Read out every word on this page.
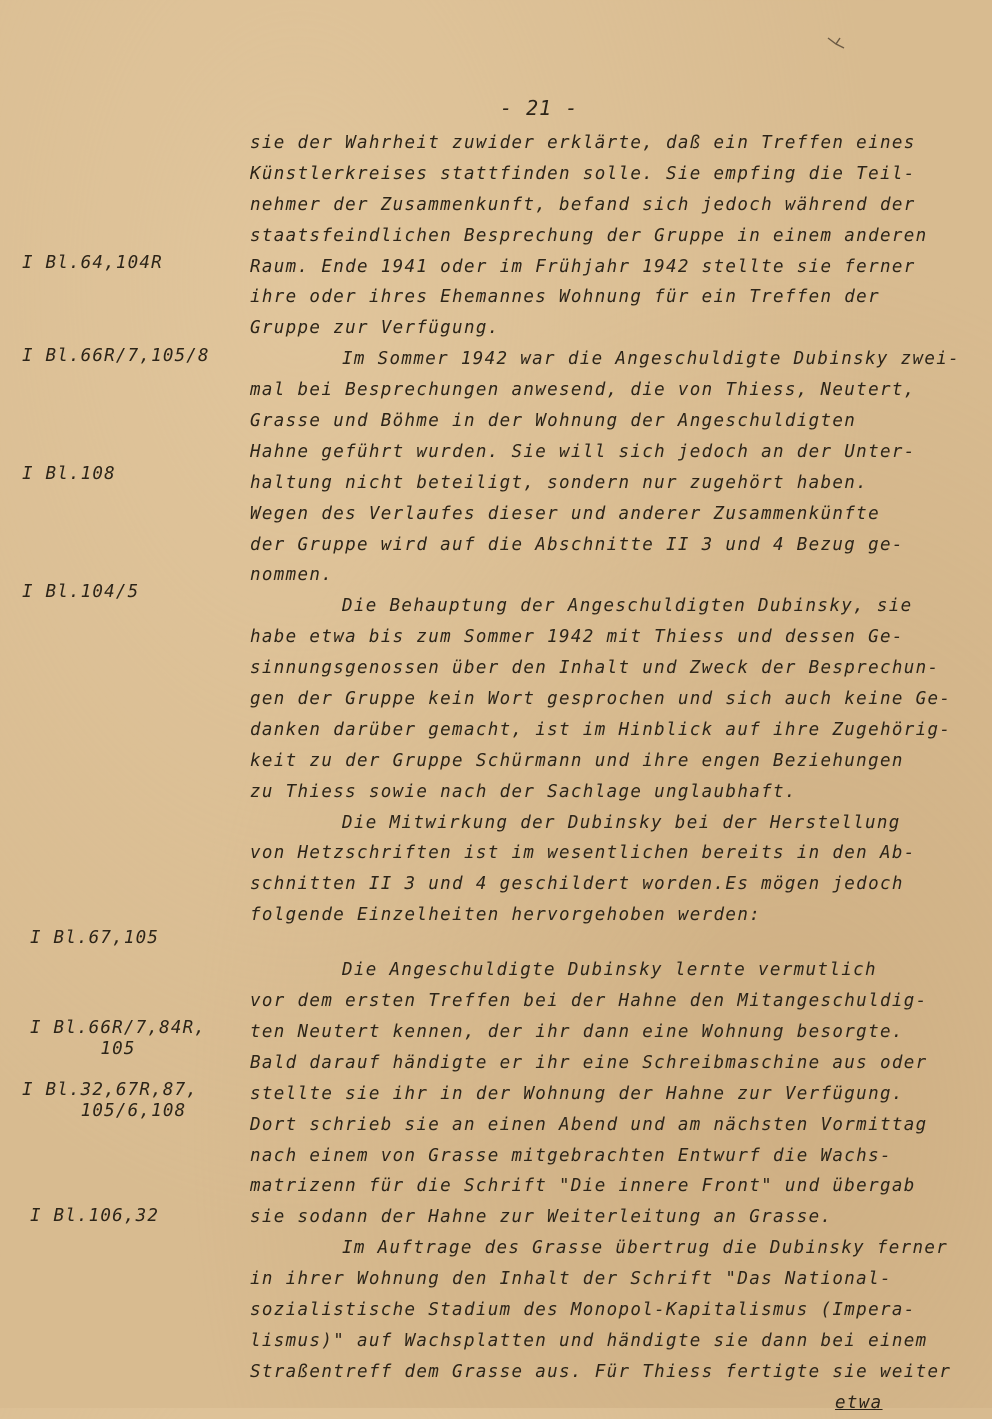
- 21 -
sie der Wahrheit zuwider erklärte, daß ein Treffen eines
Künstlerkreises stattfinden solle. Sie empfing die Teil-
nehmer der Zusammenkunft, befand sich jedoch während der
staatsfeindlichen Besprechung der Gruppe in einem anderen
Raum. Ende 1941 oder im Frühjahr 1942 stellte sie ferner
ihre oder ihres Ehemannes Wohnung für ein Treffen der
Gruppe zur Verfügung.
Im Sommer 1942 war die Angeschuldigte Dubinsky zwei-
mal bei Besprechungen anwesend, die von Thiess, Neutert,
Grasse und Böhme in der Wohnung der Angeschuldigten
Hahne geführt wurden. Sie will sich jedoch an der Unter-
haltung nicht beteiligt, sondern nur zugehört haben.
Wegen des Verlaufes dieser und anderer Zusammenkünfte
der Gruppe wird auf die Abschnitte II 3 und 4 Bezug ge-
nommen.
Die Behauptung der Angeschuldigten Dubinsky, sie
habe etwa bis zum Sommer 1942 mit Thiess und dessen Ge-
sinnungsgenossen über den Inhalt und Zweck der Besprechun-
gen der Gruppe kein Wort gesprochen und sich auch keine Ge-
danken darüber gemacht, ist im Hinblick auf ihre Zugehörig-
keit zu der Gruppe Schürmann und ihre engen Beziehungen
zu Thiess sowie nach der Sachlage unglaubhaft.
Die Mitwirkung der Dubinsky bei der Herstellung
von Hetzschriften ist im wesentlichen bereits in den Ab-
schnitten II 3 und 4 geschildert worden.Es mögen jedoch
folgende Einzelheiten hervorgehoben werden:
Die Angeschuldigte Dubinsky lernte vermutlich
vor dem ersten Treffen bei der Hahne den Mitangeschuldig-
ten Neutert kennen, der ihr dann eine Wohnung besorgte.
Bald darauf händigte er ihr eine Schreibmaschine aus oder
stellte sie ihr in der Wohnung der Hahne zur Verfügung.
Dort schrieb sie an einen Abend und am nächsten Vormittag
nach einem von Grasse mitgebrachten Entwurf die Wachs-
matrizenn für die Schrift "Die innere Front" und übergab
sie sodann der Hahne zur Weiterleitung an Grasse.
Im Auftrage des Grasse übertrug die Dubinsky ferner
in ihrer Wohnung den Inhalt der Schrift "Das National-
sozialistische Stadium des Monopol-Kapitalismus (Impera-
lismus)" auf Wachsplatten und händigte sie dann bei einem
Straßentreff dem Grasse aus. Für Thiess fertigte sie weiter
etwa
I Bl.64,104R
I Bl.66R/7,105/8
I Bl.108
I Bl.104/5
I Bl.67,105
I Bl.66R/7,84R,
105
I Bl.32,67R,87,
105/6,108
I Bl.106,32
